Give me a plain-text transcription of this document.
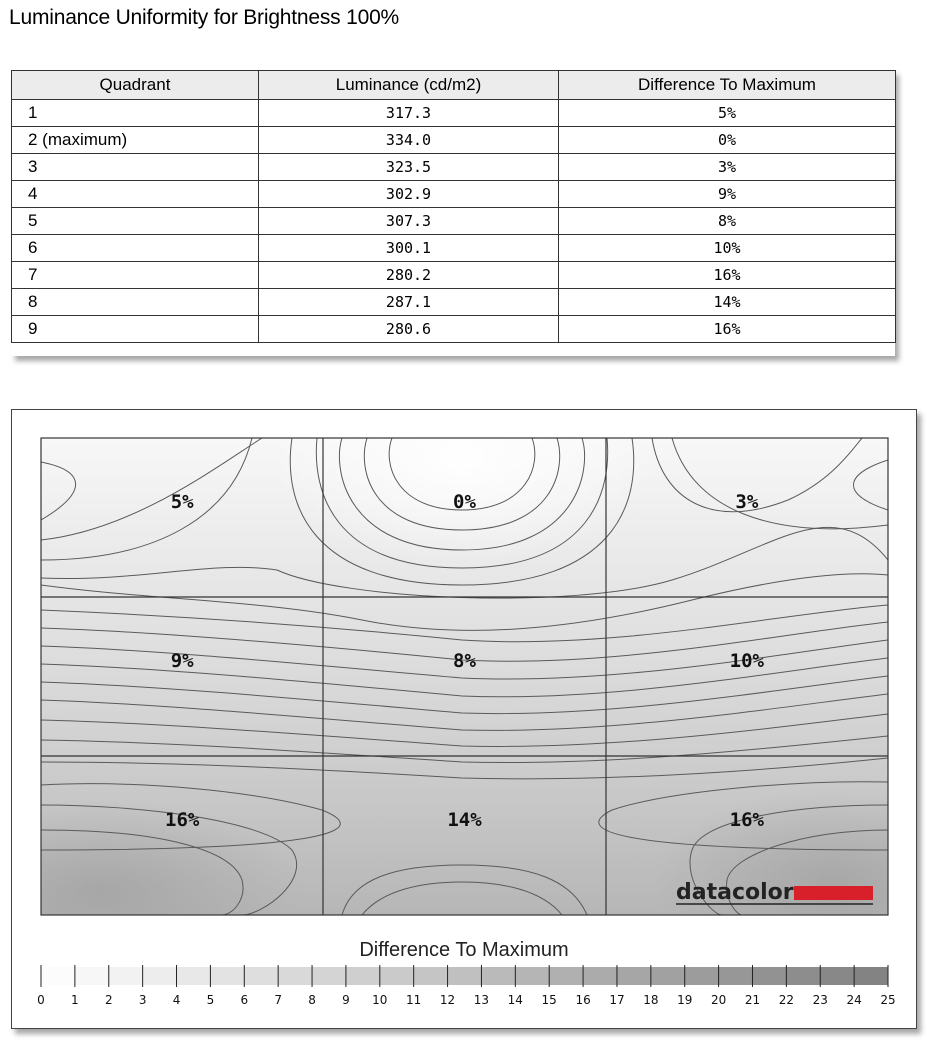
Luminance Uniformity for Brightness 100%
Quadrant	Luminance (cd/m2)	Difference To Maximum
1	317.3	5%
2 (maximum)	334.0	0%
3	323.5	3%
4	302.9	9%
5	307.3	8%
6	300.1	10%
7	280.2	16%
8	287.1	14%
9	280.6	16%
5%	0%	3%
9%	8%	10%
16%	14%	16%
datacolor
Difference To Maximum
0 1 2 3 4 5 6 7 8 9 10 11 12 13 14 15 16 17 18 19 20 21 22 23 24 25
